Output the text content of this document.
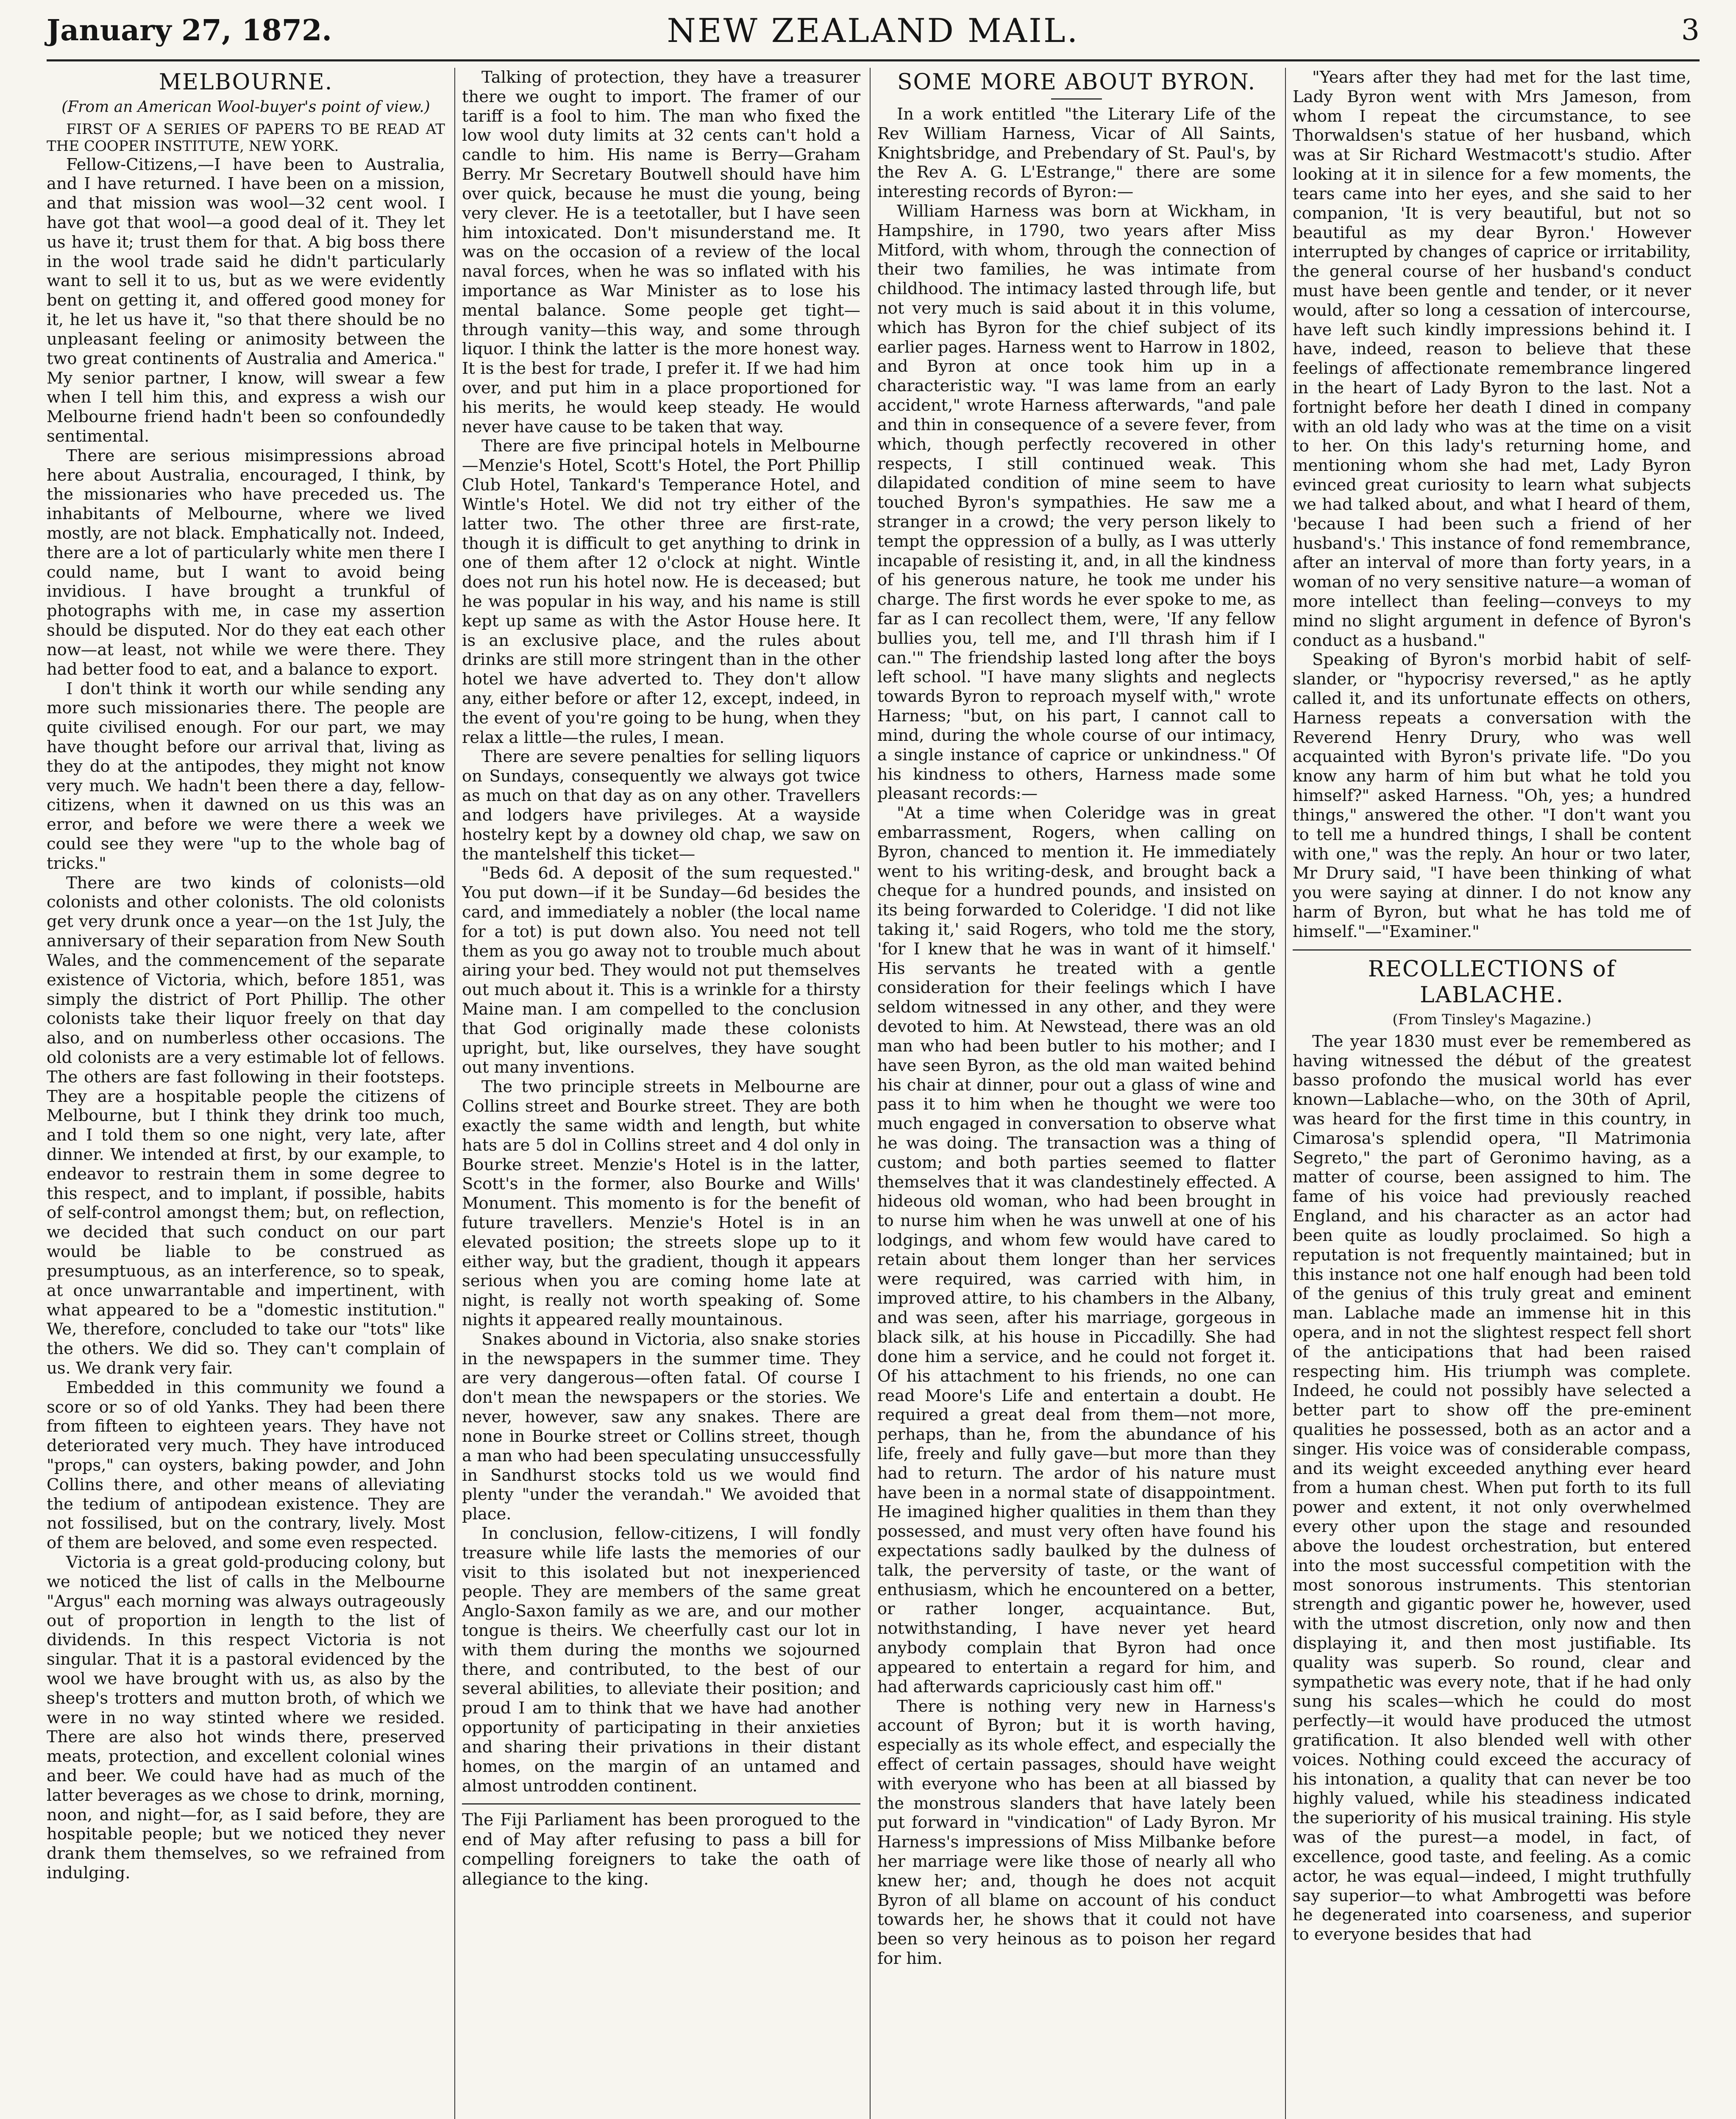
January 27, 1872.	NEW ZEALAND MAIL.	3
MELBOURNE.
(From an American Wool-buyer's point of view.)

FIRST OF A SERIES OF PAPERS TO BE READ AT THE COOPER INSTITUTE, NEW YORK.

Fellow-Citizens,—I have been to Australia, and I have returned. I have been on a mission, and that mission was wool—32 cent wool. I have got that wool—a good deal of it. They let us have it; trust them for that. A big boss there in the wool trade said he didn't particularly want to sell it to us, but as we were evidently bent on getting it, and offered good money for it, he let us have it, "so that there should be no unpleasant feeling or animosity between the two great continents of Australia and America." My senior partner, I know, will swear a few when I tell him this, and express a wish our Melbourne friend hadn't been so confoundedly sentimental.

There are serious misimpressions abroad here about Australia, encouraged, I think, by the missionaries who have preceded us. The inhabitants of Melbourne, where we lived mostly, are not black. Emphatically not. Indeed, there are a lot of particularly white men there I could name, but I want to avoid being invidious. I have brought a trunkful of photographs with me, in case my assertion should be disputed. Nor do they eat each other now—at least, not while we were there. They had better food to eat, and a balance to export.

I don't think it worth our while sending any more such missionaries there. The people are quite civilised enough. For our part, we may have thought before our arrival that, living as they do at the antipodes, they might not know very much. We hadn't been there a day, fellow-citizens, when it dawned on us this was an error, and before we were there a week we could see they were "up to the whole bag of tricks."

There are two kinds of colonists—old colonists and other colonists. The old colonists get very drunk once a year—on the 1st July, the anniversary of their separation from New South Wales, and the commencement of the separate existence of Victoria, which, before 1851, was simply the district of Port Phillip. The other colonists take their liquor freely on that day also, and on numberless other occasions. The old colonists are a very estimable lot of fellows. The others are fast following in their footsteps. They are a hospitable people the citizens of Melbourne, but I think they drink too much, and I told them so one night, very late, after dinner. We intended at first, by our example, to endeavor to restrain them in some degree to this respect, and to implant, if possible, habits of self-control amongst them; but, on reflection, we decided that such conduct on our part would be liable to be construed as presumptuous, as an interference, so to speak, at once unwarrantable and impertinent, with what appeared to be a "domestic institution." We, therefore, concluded to take our "tots" like the others. We did so. They can't complain of us. We drank very fair.

Embedded in this community we found a score or so of old Yanks. They had been there from fifteen to eighteen years. They have not deteriorated very much. They have introduced "props," can oysters, baking powder, and John Collins there, and other means of alleviating the tedium of antipodean existence. They are not fossilised, but on the contrary, lively. Most of them are beloved, and some even respected.

Victoria is a great gold-producing colony, but we noticed the list of calls in the Melbourne "Argus" each morning was always outrageously out of proportion in length to the list of dividends. In this respect Victoria is not singular. That it is a pastoral evidenced by the wool we have brought with us, as also by the sheep's trotters and mutton broth, of which we were in no way stinted where we resided. There are also hot winds there, preserved meats, protection, and excellent colonial wines and beer. We could have had as much of the latter beverages as we chose to drink, morning, noon, and night—for, as I said before, they are hospitable people; but we noticed they never drank them themselves, so we refrained from indulging.

Talking of protection, they have a treasurer there we ought to import. The framer of our tariff is a fool to him. The man who fixed the low wool duty limits at 32 cents can't hold a candle to him. His name is Berry—Graham Berry. Mr Secretary Boutwell should have him over quick, because he must die young, being very clever. He is a teetotaller, but I have seen him intoxicated. Don't misunderstand me. It was on the occasion of a review of the local naval forces, when he was so inflated with his importance as War Minister as to lose his mental balance. Some people get tight—through vanity—this way, and some through liquor. I think the latter is the more honest way. It is the best for trade, I prefer it. If we had him over, and put him in a place proportioned for his merits, he would keep steady. He would never have cause to be taken that way.

There are five principal hotels in Melbourne—Menzie's Hotel, Scott's Hotel, the Port Phillip Club Hotel, Tankard's Temperance Hotel, and Wintle's Hotel. We did not try either of the latter two. The other three are first-rate, though it is difficult to get anything to drink in one of them after 12 o'clock at night. Wintle does not run his hotel now. He is deceased; but he was popular in his way, and his name is still kept up same as with the Astor House here. It is an exclusive place, and the rules about drinks are still more stringent than in the other hotel we have adverted to. They don't allow any, either before or after 12, except, indeed, in the event of you're going to be hung, when they relax a little—the rules, I mean.

There are severe penalties for selling liquors on Sundays, consequently we always got twice as much on that day as on any other. Travellers and lodgers have privileges. At a wayside hostelry kept by a downey old chap, we saw on the mantelshelf this ticket—

"Beds 6d. A deposit of the sum requested." You put down—if it be Sunday—6d besides the card, and immediately a nobler (the local name for a tot) is put down also. You need not tell them as you go away not to trouble much about airing your bed. They would not put themselves out much about it. This is a wrinkle for a thirsty Maine man. I am compelled to the conclusion that God originally made these colonists upright, but, like ourselves, they have sought out many inventions.

The two principle streets in Melbourne are Collins street and Bourke street. They are both exactly the same width and length, but white hats are 5 dol in Collins street and 4 dol only in Bourke street. Menzie's Hotel is in the latter, Scott's in the former, also Bourke and Wills' Monument. This momento is for the benefit of future travellers. Menzie's Hotel is in an elevated position; the streets slope up to it either way, but the gradient, though it appears serious when you are coming home late at night, is really not worth speaking of. Some nights it appeared really mountainous.

Snakes abound in Victoria, also snake stories in the newspapers in the summer time. They are very dangerous—often fatal. Of course I don't mean the newspapers or the stories. We never, however, saw any snakes. There are none in Bourke street or Collins street, though a man who had been speculating unsuccessfully in Sandhurst stocks told us we would find plenty "under the verandah." We avoided that place.

In conclusion, fellow-citizens, I will fondly treasure while life lasts the memories of our visit to this isolated but not inexperienced people. They are members of the same great Anglo-Saxon family as we are, and our mother tongue is theirs. We cheerfully cast our lot in with them during the months we sojourned there, and contributed, to the best of our several abilities, to alleviate their position; and proud I am to think that we have had another opportunity of participating in their anxieties and sharing their privations in their distant homes, on the margin of an untamed and almost untrodden continent.

The Fiji Parliament has been prorogued to the end of May after refusing to pass a bill for compelling foreigners to take the oath of allegiance to the king.

SOME MORE ABOUT BYRON.

In a work entitled "the Literary Life of the Rev William Harness, Vicar of All Saints, Knightsbridge, and Prebendary of St. Paul's, by the Rev A. G. L'Estrange," there are some interesting records of Byron:—

William Harness was born at Wickham, in Hampshire, in 1790, two years after Miss Mitford, with whom, through the connection of their two families, he was intimate from childhood. The intimacy lasted through life, but not very much is said about it in this volume, which has Byron for the chief subject of its earlier pages. Harness went to Harrow in 1802, and Byron at once took him up in a characteristic way. "I was lame from an early accident," wrote Harness afterwards, "and pale and thin in consequence of a severe fever, from which, though perfectly recovered in other respects, I still continued weak. This dilapidated condition of mine seem to have touched Byron's sympathies. He saw me a stranger in a crowd; the very person likely to tempt the oppression of a bully, as I was utterly incapable of resisting it, and, in all the kindness of his generous nature, he took me under his charge. The first words he ever spoke to me, as far as I can recollect them, were, 'If any fellow bullies you, tell me, and I'll thrash him if I can.'" The friendship lasted long after the boys left school. "I have many slights and neglects towards Byron to reproach myself with," wrote Harness; "but, on his part, I cannot call to mind, during the whole course of our intimacy, a single instance of caprice or unkindness." Of his kindness to others, Harness made some pleasant records:—

"At a time when Coleridge was in great embarrassment, Rogers, when calling on Byron, chanced to mention it. He immediately went to his writing-desk, and brought back a cheque for a hundred pounds, and insisted on its being forwarded to Coleridge. 'I did not like taking it,' said Rogers, who told me the story, 'for I knew that he was in want of it himself.' His servants he treated with a gentle consideration for their feelings which I have seldom witnessed in any other, and they were devoted to him. At Newstead, there was an old man who had been butler to his mother; and I have seen Byron, as the old man waited behind his chair at dinner, pour out a glass of wine and pass it to him when he thought we were too much engaged in conversation to observe what he was doing. The transaction was a thing of custom; and both parties seemed to flatter themselves that it was clandestinely effected. A hideous old woman, who had been brought in to nurse him when he was unwell at one of his lodgings, and whom few would have cared to retain about them longer than her services were required, was carried with him, in improved attire, to his chambers in the Albany, and was seen, after his marriage, gorgeous in black silk, at his house in Piccadilly. She had done him a service, and he could not forget it. Of his attachment to his friends, no one can read Moore's Life and entertain a doubt. He required a great deal from them—not more, perhaps, than he, from the abundance of his life, freely and fully gave—but more than they had to return. The ardor of his nature must have been in a normal state of disappointment. He imagined higher qualities in them than they possessed, and must very often have found his expectations sadly baulked by the dulness of talk, the perversity of taste, or the want of enthusiasm, which he encountered on a better, or rather longer, acquaintance. But, notwithstanding, I have never yet heard anybody complain that Byron had once appeared to entertain a regard for him, and had afterwards capriciously cast him off."

There is nothing very new in Harness's account of Byron; but it is worth having, especially as its whole effect, and especially the effect of certain passages, should have weight with everyone who has been at all biassed by the monstrous slanders that have lately been put forward in "vindication" of Lady Byron. Mr Harness's impressions of Miss Milbanke before her marriage were like those of nearly all who knew her; and, though he does not acquit Byron of all blame on account of his conduct towards her, he shows that it could not have been so very heinous as to poison her regard for him.

"Years after they had met for the last time, Lady Byron went with Mrs Jameson, from whom I repeat the circumstance, to see Thorwaldsen's statue of her husband, which was at Sir Richard Westmacott's studio. After looking at it in silence for a few moments, the tears came into her eyes, and she said to her companion, 'It is very beautiful, but not so beautiful as my dear Byron.' However interrupted by changes of caprice or irritability, the general course of her husband's conduct must have been gentle and tender, or it never would, after so long a cessation of intercourse, have left such kindly impressions behind it. I have, indeed, reason to believe that these feelings of affectionate remembrance lingered in the heart of Lady Byron to the last. Not a fortnight before her death I dined in company with an old lady who was at the time on a visit to her. On this lady's returning home, and mentioning whom she had met, Lady Byron evinced great curiosity to learn what subjects we had talked about, and what I heard of them, 'because I had been such a friend of her husband's.' This instance of fond remembrance, after an interval of more than forty years, in a woman of no very sensitive nature—a woman of more intellect than feeling—conveys to my mind no slight argument in defence of Byron's conduct as a husband."

Speaking of Byron's morbid habit of self-slander, or "hypocrisy reversed," as he aptly called it, and its unfortunate effects on others, Harness repeats a conversation with the Reverend Henry Drury, who was well acquainted with Byron's private life. "Do you know any harm of him but what he told you himself?" asked Harness. "Oh, yes; a hundred things," answered the other. "I don't want you to tell me a hundred things, I shall be content with one," was the reply. An hour or two later, Mr Drury said, "I have been thinking of what you were saying at dinner. I do not know any harm of Byron, but what he has told me of himself."—"Examiner."

RECOLLECTIONS of LABLACHE.
(From Tinsley's Magazine.)

The year 1830 must ever be remembered as having witnessed the début of the greatest basso profondo the musical world has ever known—Lablache—who, on the 30th of April, was heard for the first time in this country, in Cimarosa's splendid opera, "Il Matrimonia Segreto," the part of Geronimo having, as a matter of course, been assigned to him. The fame of his voice had previously reached England, and his character as an actor had been quite as loudly proclaimed. So high a reputation is not frequently maintained; but in this instance not one half enough had been told of the genius of this truly great and eminent man. Lablache made an immense hit in this opera, and in not the slightest respect fell short of the anticipations that had been raised respecting him. His triumph was complete. Indeed, he could not possibly have selected a better part to show off the pre-eminent qualities he possessed, both as an actor and a singer. His voice was of considerable compass, and its weight exceeded anything ever heard from a human chest. When put forth to its full power and extent, it not only overwhelmed every other upon the stage and resounded above the loudest orchestration, but entered into the most successful competition with the most sonorous instruments. This stentorian strength and gigantic power he, however, used with the utmost discretion, only now and then displaying it, and then most justifiable. Its quality was superb. So round, clear and sympathetic was every note, that if he had only sung his scales—which he could do most perfectly—it would have produced the utmost gratification. It also blended well with other voices. Nothing could exceed the accuracy of his intonation, a quality that can never be too highly valued, while his steadiness indicated the superiority of his musical training. His style was of the purest—a model, in fact, of excellence, good taste, and feeling. As a comic actor, he was equal—indeed, I might truthfully say superior—to what Ambrogetti was before he degenerated into coarseness, and superior to everyone besides that had
